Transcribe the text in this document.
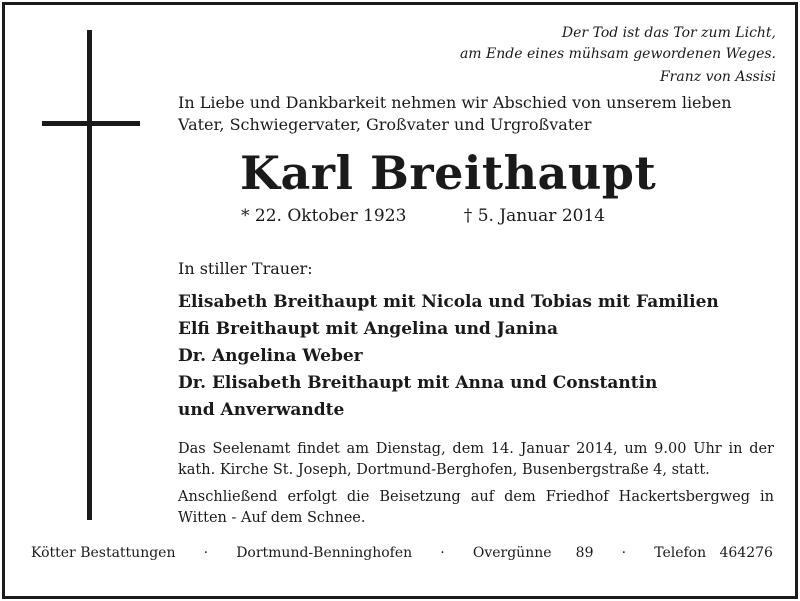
Der Tod ist das Tor zum Licht,
am Ende eines mühsam gewordenen Weges.
Franz von Assisi
In Liebe und Dankbarkeit nehmen wir Abschied von unserem lieben
Vater, Schwiegervater, Großvater und Urgroßvater
Karl Breithaupt
* 22. Oktober 1923	† 5. Januar 2014
In stiller Trauer:
Elisabeth Breithaupt mit Nicola und Tobias mit Familien
Elfi Breithaupt mit Angelina und Janina
Dr. Angelina Weber
Dr. Elisabeth Breithaupt mit Anna und Constantin
und Anverwandte
Das Seelenamt findet am Dienstag, dem 14. Januar 2014, um 9.00 Uhr in der kath. Kirche St. Joseph, Dortmund-Berghofen, Busenbergstraße 4, statt.
Anschließend erfolgt die Beisetzung auf dem Friedhof Hackertsbergweg in Witten - Auf dem Schnee.
Kötter Bestattungen · Dortmund-Benninghofen · Overgünne 89 · Telefon 464276
